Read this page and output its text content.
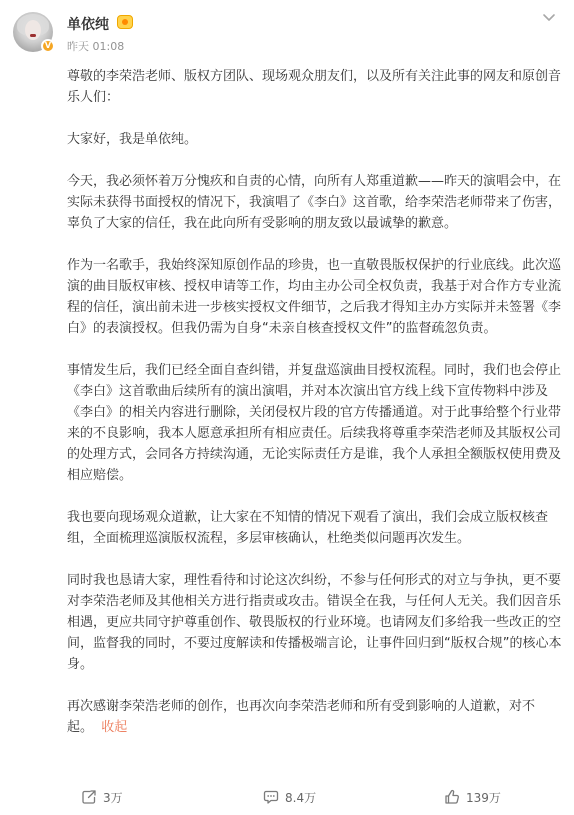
V
单依纯
昨天 01:08

尊敬的李荣浩老师、版权方团队、现场观众朋友们，以及所有关注此事的网友和原创音乐人们：

大家好，我是单依纯。

今天，我必须怀着万分愧疚和自责的心情，向所有人郑重道歉——昨天的演唱会中，在实际未获得书面授权的情况下，我演唱了《李白》这首歌，给李荣浩老师带来了伤害，辜负了大家的信任，我在此向所有受影响的朋友致以最诚挚的歉意。

作为一名歌手，我始终深知原创作品的珍贵，也一直敬畏版权保护的行业底线。此次巡演的曲目版权审核、授权申请等工作，均由主办公司全权负责，我基于对合作方专业流程的信任，演出前未进一步核实授权文件细节，之后我才得知主办方实际并未签署《李白》的表演授权。但我仍需为自身“未亲自核查授权文件”的监督疏忽负责。

事情发生后，我们已经全面自查纠错，并复盘巡演曲目授权流程。同时，我们也会停止《李白》这首歌曲后续所有的演出演唱，并对本次演出官方线上线下宣传物料中涉及《李白》的相关内容进行删除，关闭侵权片段的官方传播通道。对于此事给整个行业带来的不良影响，我本人愿意承担所有相应责任。后续我将尊重李荣浩老师及其版权公司的处理方式，会同各方持续沟通，无论实际责任方是谁，我个人承担全额版权使用费及相应赔偿。

我也要向现场观众道歉，让大家在不知情的情况下观看了演出，我们会成立版权核查组，全面梳理巡演版权流程，多层审核确认，杜绝类似问题再次发生。

同时我也恳请大家，理性看待和讨论这次纠纷，不参与任何形式的对立与争执，更不要对李荣浩老师及其他相关方进行指责或攻击。错误全在我，与任何人无关。我们因音乐相遇，更应共同守护尊重创作、敬畏版权的行业环境。也请网友们多给我一些改正的空间，监督我的同时，不要过度解读和传播极端言论，让事件回归到“版权合规”的核心本身。

再次感谢李荣浩老师的创作，也再次向李荣浩老师和所有受到影响的人道歉，对不起。 收起

3万	8.4万	139万
